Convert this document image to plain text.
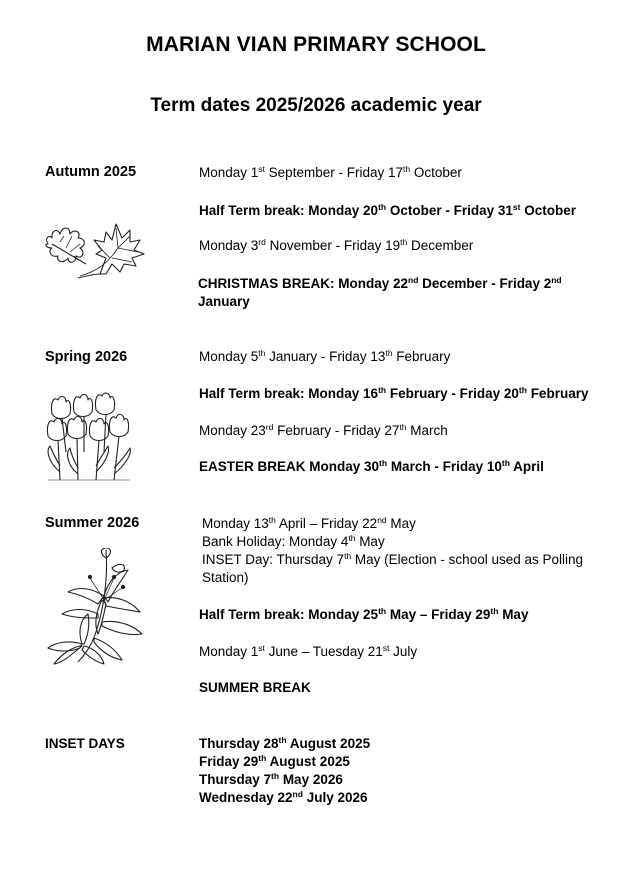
MARIAN VIAN PRIMARY SCHOOL
Term dates 2025/2026 academic year
Autumn 2025	Monday 1st September - Friday 17th October
Half Term break: Monday 20th October - Friday 31st October
Monday 3rd November - Friday 19th December
CHRISTMAS BREAK: Monday 22nd December - Friday 2nd
January
Spring 2026	Monday 5th January - Friday 13th February
Half Term break: Monday 16th February - Friday 20th February
Monday 23rd February - Friday 27th March
EASTER BREAK Monday 30th March - Friday 10th April
Summer 2026	Monday 13th April – Friday 22nd May
Bank Holiday: Monday 4th May
INSET Day: Thursday 7th May (Election - school used as Polling
Station)
Half Term break: Monday 25th May – Friday 29th May
Monday 1st June – Tuesday 21st July
SUMMER BREAK
INSET DAYS	Thursday 28th August 2025
Friday 29th August 2025
Thursday 7th May 2026
Wednesday 22nd July 2026
